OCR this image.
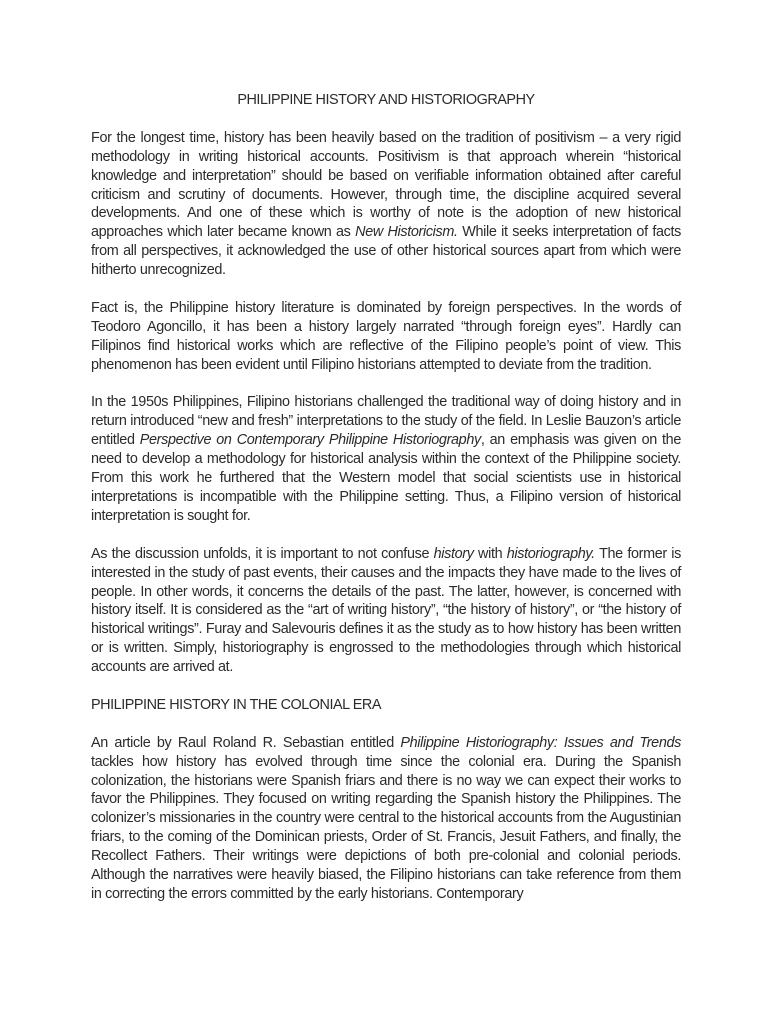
PHILIPPINE HISTORY AND HISTORIOGRAPHY

For the longest time, history has been heavily based on the tradition of positivism – a very rigid methodology in writing historical accounts. Positivism is that approach wherein “historical knowledge and interpretation” should be based on verifiable information obtained after careful criticism and scrutiny of documents. However, through time, the discipline acquired several developments. And one of these which is worthy of note is the adoption of new historical approaches which later became known as New Historicism. While it seeks interpretation of facts from all perspectives, it acknowledged the use of other historical sources apart from which were hitherto unrecognized.

Fact is, the Philippine history literature is dominated by foreign perspectives. In the words of Teodoro Agoncillo, it has been a history largely narrated “through foreign eyes”. Hardly can Filipinos find historical works which are reflective of the Filipino people’s point of view. This phenomenon has been evident until Filipino historians attempted to deviate from the tradition.

In the 1950s Philippines, Filipino historians challenged the traditional way of doing history and in return introduced “new and fresh” interpretations to the study of the field. In Leslie Bauzon’s article entitled Perspective on Contemporary Philippine Historiography, an emphasis was given on the need to develop a methodology for historical analysis within the context of the Philippine society. From this work he furthered that the Western model that social scientists use in historical interpretations is incompatible with the Philippine setting. Thus, a Filipino version of historical interpretation is sought for.

As the discussion unfolds, it is important to not confuse history with historiography. The former is interested in the study of past events, their causes and the impacts they have made to the lives of people. In other words, it concerns the details of the past. The latter, however, is concerned with history itself. It is considered as the “art of writing history”, “the history of history”, or “the history of historical writings”. Furay and Salevouris defines it as the study as to how history has been written or is written. Simply, historiography is engrossed to the methodologies through which historical accounts are arrived at.

PHILIPPINE HISTORY IN THE COLONIAL ERA

An article by Raul Roland R. Sebastian entitled Philippine Historiography: Issues and Trends tackles how history has evolved through time since the colonial era. During the Spanish colonization, the historians were Spanish friars and there is no way we can expect their works to favor the Philippines. They focused on writing regarding the Spanish history the Philippines. The colonizer’s missionaries in the country were central to the historical accounts from the Augustinian friars, to the coming of the Dominican priests, Order of St. Francis, Jesuit Fathers, and finally, the Recollect Fathers. Their writings were depictions of both pre-colonial and colonial periods. Although the narratives were heavily biased, the Filipino historians can take reference from them in correcting the errors committed by the early historians. Contemporary
